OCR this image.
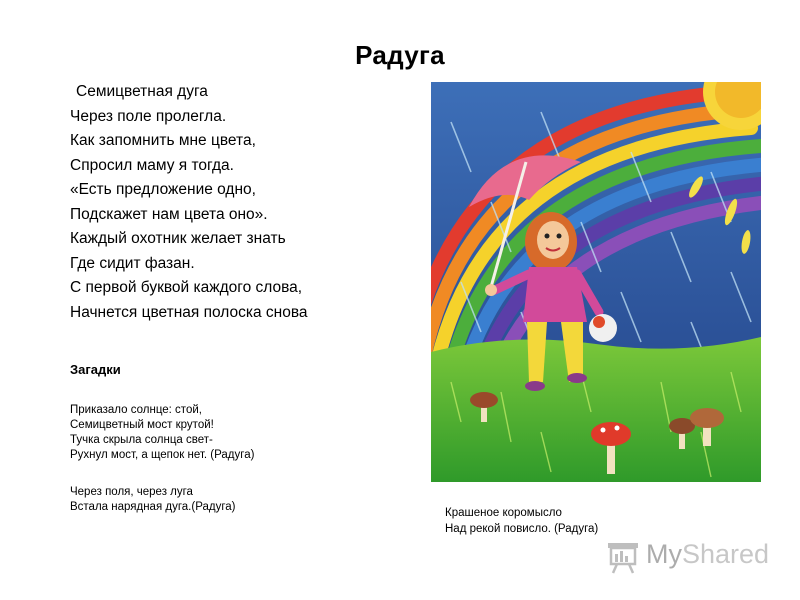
Радуга
Семицветная дуга
Через поле пролегла.
Как запомнить мне цвета,
Спросил маму я тогда.
«Есть предложение одно,
Подскажет нам цвета оно».
Каждый охотник желает знать
Где сидит фазан.
С первой буквой каждого слова,
Начнется цветная полоска снова
Загадки
Приказало солнце: стой,
Семицветный мост крутой!
Тучка скрыла солнца свет-
Рухнул мост, а щепок нет. (Радуга)
Через поля, через луга
Встала нарядная дуга.(Радуга)	Крашеное коромысло
Над рекой повисло. (Радуга)
MyShared
